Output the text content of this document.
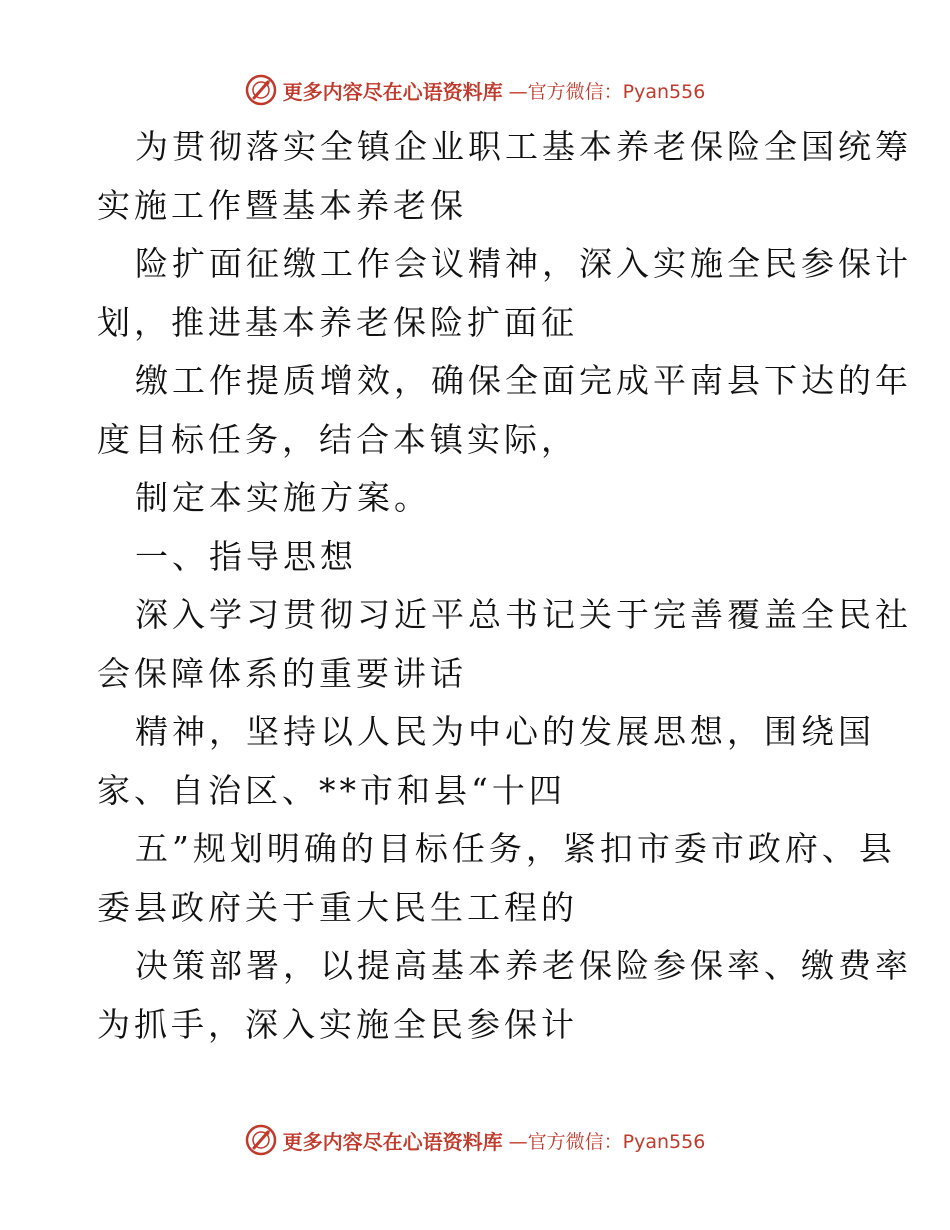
更多内容尽在心语资料库 —官方微信：Pyan556
为贯彻落实全镇企业职工基本养老保险全国统筹
实施工作暨基本养老保
险扩面征缴工作会议精神，深入实施全民参保计
划，推进基本养老保险扩面征
缴工作提质增效，确保全面完成平南县下达的年
度目标任务，结合本镇实际，
制定本实施方案。
一、指导思想
深入学习贯彻习近平总书记关于完善覆盖全民社
会保障体系的重要讲话
精神，坚持以人民为中心的发展思想，围绕国
家、自治区、**市和县“十四
五”规划明确的目标任务，紧扣市委市政府、县
委县政府关于重大民生工程的
决策部署，以提高基本养老保险参保率、缴费率
为抓手，深入实施全民参保计
更多内容尽在心语资料库 —官方微信：Pyan556
